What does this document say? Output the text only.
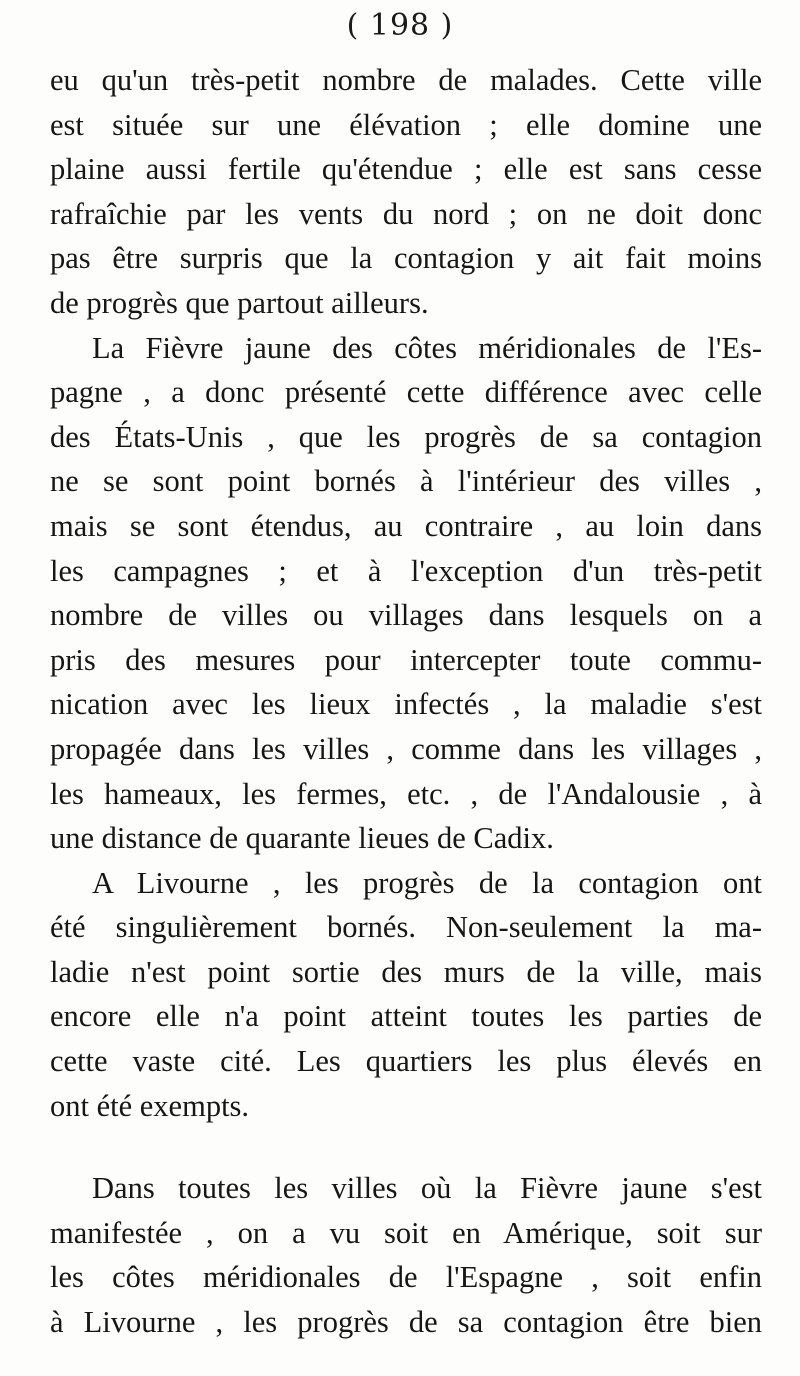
( 198 )
eu qu'un très-petit nombre de malades. Cette ville
est située sur une élévation ; elle domine une
plaine aussi fertile qu'étendue ; elle est sans cesse
rafraîchie par les vents du nord ; on ne doit donc
pas être surpris que la contagion y ait fait moins
de progrès que partout ailleurs.
La Fièvre jaune des côtes méridionales de l'Es-
pagne , a donc présenté cette différence avec celle
des États-Unis , que les progrès de sa contagion
ne se sont point bornés à l'intérieur des villes ,
mais se sont étendus, au contraire , au loin dans
les campagnes ; et à l'exception d'un très-petit
nombre de villes ou villages dans lesquels on a
pris des mesures pour intercepter toute commu-
nication avec les lieux infectés , la maladie s'est
propagée dans les villes , comme dans les villages ,
les hameaux, les fermes, etc. , de l'Andalousie , à
une distance de quarante lieues de Cadix.
A Livourne , les progrès de la contagion ont
été singulièrement bornés. Non-seulement la ma-
ladie n'est point sortie des murs de la ville, mais
encore elle n'a point atteint toutes les parties de
cette vaste cité. Les quartiers les plus élevés en
ont été exempts.
Dans toutes les villes où la Fièvre jaune s'est
manifestée , on a vu soit en Amérique, soit sur
les côtes méridionales de l'Espagne , soit enfin
à Livourne , les progrès de sa contagion être bien
